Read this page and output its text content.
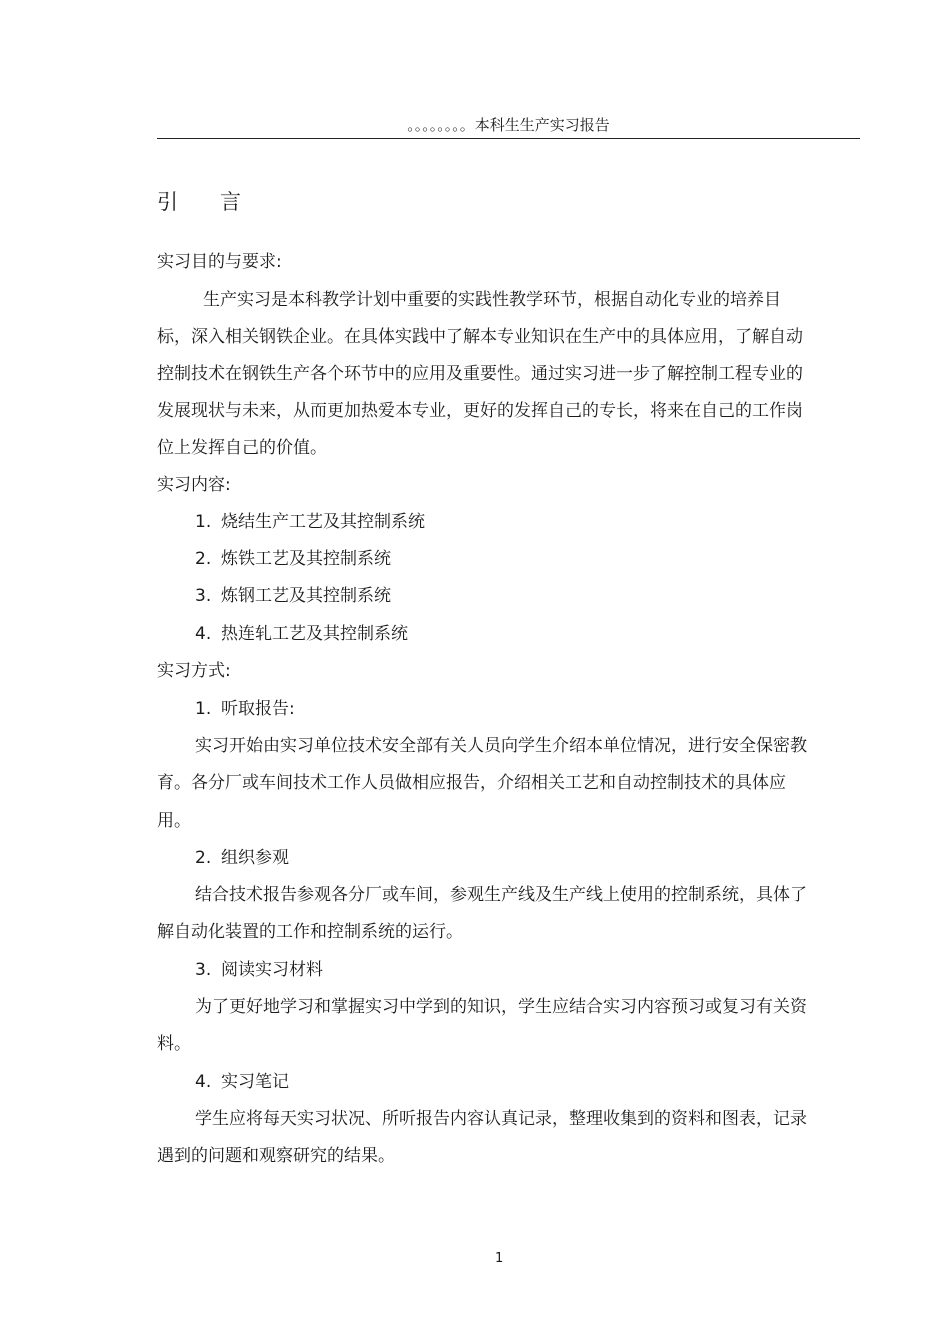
。。。。。。。。本科生生产实习报告
引 言
实习目的与要求:
生产实习是本科教学计划中重要的实践性教学环节，根据自动化专业的培养目
标，深入相关钢铁企业。在具体实践中了解本专业知识在生产中的具体应用，了解自动
控制技术在钢铁生产各个环节中的应用及重要性。通过实习进一步了解控制工程专业的
发展现状与未来，从而更加热爱本专业，更好的发挥自己的专长，将来在自己的工作岗
位上发挥自己的价值。
实习内容:
1. 烧结生产工艺及其控制系统
2. 炼铁工艺及其控制系统
3. 炼钢工艺及其控制系统
4. 热连轧工艺及其控制系统
实习方式:
1. 听取报告:
实习开始由实习单位技术安全部有关人员向学生介绍本单位情况，进行安全保密教
育。各分厂或车间技术工作人员做相应报告，介绍相关工艺和自动控制技术的具体应
用。
2. 组织参观
结合技术报告参观各分厂或车间，参观生产线及生产线上使用的控制系统，具体了
解自动化装置的工作和控制系统的运行。
3. 阅读实习材料
为了更好地学习和掌握实习中学到的知识，学生应结合实习内容预习或复习有关资
料。
4. 实习笔记
学生应将每天实习状况、所听报告内容认真记录，整理收集到的资料和图表，记录
遇到的问题和观察研究的结果。
1
